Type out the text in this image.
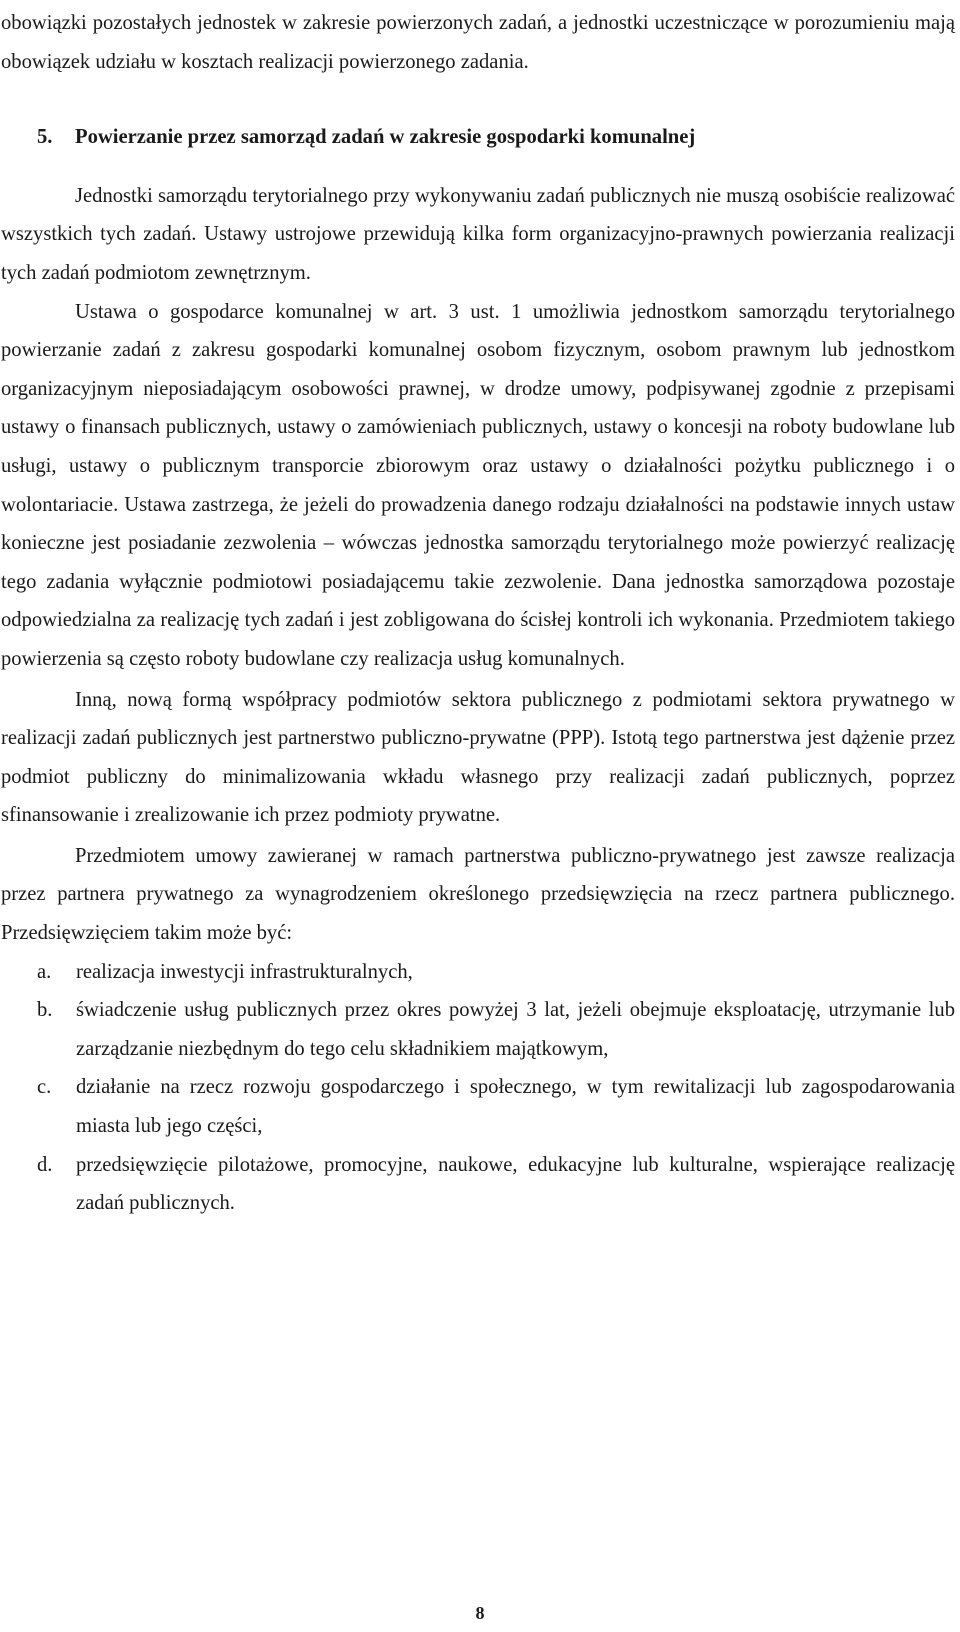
obowiązki pozostałych jednostek w zakresie powierzonych zadań, a jednostki uczestniczące w porozumieniu mają obowiązek udziału w kosztach realizacji powierzonego zadania.

5.	Powierzanie przez samorząd zadań w zakresie gospodarki komunalnej

Jednostki samorządu terytorialnego przy wykonywaniu zadań publicznych nie muszą osobiście realizować wszystkich tych zadań. Ustawy ustrojowe przewidują kilka form organizacyjno-prawnych powierzania realizacji tych zadań podmiotom zewnętrznym.

Ustawa o gospodarce komunalnej w art. 3 ust. 1 umożliwia jednostkom samorządu terytorialnego powierzanie zadań z zakresu gospodarki komunalnej osobom fizycznym, osobom prawnym lub jednostkom organizacyjnym nieposiadającym osobowości prawnej, w drodze umowy, podpisywanej zgodnie z przepisami ustawy o finansach publicznych, ustawy o zamówieniach publicznych, ustawy o koncesji na roboty budowlane lub usługi, ustawy o publicznym transporcie zbiorowym oraz ustawy o działalności pożytku publicznego i o wolontariacie. Ustawa zastrzega, że jeżeli do prowadzenia danego rodzaju działalności na podstawie innych ustaw konieczne jest posiadanie zezwolenia – wówczas jednostka samorządu terytorialnego może powierzyć realizację tego zadania wyłącznie podmiotowi posiadającemu takie zezwolenie. Dana jednostka samorządowa pozostaje odpowiedzialna za realizację tych zadań i jest zobligowana do ścisłej kontroli ich wykonania. Przedmiotem takiego powierzenia są często roboty budowlane czy realizacja usług komunalnych.

Inną, nową formą współpracy podmiotów sektora publicznego z podmiotami sektora prywatnego w realizacji zadań publicznych jest partnerstwo publiczno-prywatne (PPP). Istotą tego partnerstwa jest dążenie przez podmiot publiczny do minimalizowania wkładu własnego przy realizacji zadań publicznych, poprzez sfinansowanie i zrealizowanie ich przez podmioty prywatne.

Przedmiotem umowy zawieranej w ramach partnerstwa publiczno-prywatnego jest zawsze realizacja przez partnera prywatnego za wynagrodzeniem określonego przedsięwzięcia na rzecz partnera publicznego. Przedsięwzięciem takim może być:

a.	realizacja inwestycji infrastrukturalnych,
b.	świadczenie usług publicznych przez okres powyżej 3 lat, jeżeli obejmuje eksploatację, utrzymanie lub zarządzanie niezbędnym do tego celu składnikiem majątkowym,
c.	działanie na rzecz rozwoju gospodarczego i społecznego, w tym rewitalizacji lub zagospodarowania miasta lub jego części,
d.	przedsięwzięcie pilotażowe, promocyjne, naukowe, edukacyjne lub kulturalne, wspierające realizację zadań publicznych.
8
